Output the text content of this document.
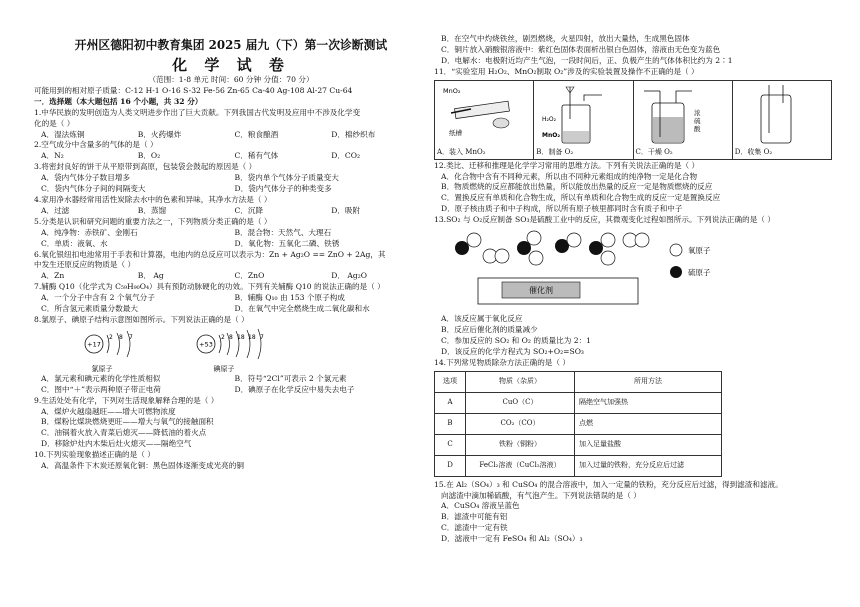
开州区德阳初中教育集团 2025 届九（下）第一次诊断测试
化 学 试 卷
（范围：1-8 单元 时间：60 分钟 分值：70 分）
可能用到的相对原子质量：C-12 H-1 O-16 S-32 Fe-56 Zn-65 Ca-40 Ag-108 Al-27 Cu-64
一．选择题（本大题包括 16 个小题，共 32 分）
1.中华民族的发明创造为人类文明进步作出了巨大贡献。下列我国古代发明及应用中不涉及化学变
化的是（ ）
A．湿法炼铜	B．火药爆炸	C．粮食酿酒	D．棉纱织布
2.空气成分中含量多的气体的是（ ）
A．N₂	B．O₂	C．稀有气体	D．CO₂
3.将密封良好的饼干从平原带到高原，包装袋会鼓起的原因是（ ）
A．袋内气体分子数目增多	B．袋内单个气体分子质量变大
C．袋内气体分子间的间隔变大	D．袋内气体分子的种类变多
4.家用净水器经常用活性炭除去水中的色素和异味，其净水方法是（ ）
A．过滤	B．蒸馏	C．沉降	D．吸附
5.分类是认识和研究问题的重要方法之一，下列物质分类正确的是（ ）
A．纯净物：赤铁矿、金刚石	B．混合物：天然气、大理石
C．单质：液氧、水	D．氧化物：五氧化二磷、铁锈
6.氧化银纽扣电池常用于手表和计算器，电池内的总反应可以表示为：Zn + Ag₂O == ZnO + 2Ag，其
中发生还原反应的物质是（ ）
A．Zn	B． Ag	C．ZnO	D． Ag₂O
7.辅酶 Q10（化学式为 C₅₉H₉₀O₄）具有预防动脉硬化的功效。下列有关辅酶 Q10 的说法正确的是（ ）
A．一个分子中含有 2 个氧气分子	B．辅酶 Q₁₀ 由 153 个原子构成
C．所含氢元素质量分数最大	D．在氧气中完全燃烧生成二氧化碳和水
8.氯原子、碘原子结构示意图如图所示。下列说法正确的是（ ）
+17
2 8 7
氯原子
+53
2 8 18 18 7
碘原子
A．氯元素和碘元素的化学性质相似	B．符号“2Cl”可表示 2 个氯元素
C．图中“＋”表示两种原子带正电荷	D．碘原子在化学反应中易失去电子
9.生活处处有化学，下列对生活现象解释合理的是（ ）
A．煤炉火越扇越旺——增大可燃物浓度
B．煤粉比煤块燃烧更旺——增大与氧气的接触面积
C．油锅着火放入青菜后熄灭——降低油的着火点
D．移除炉灶内木柴后灶火熄灭——隔绝空气
10.下列实验现象描述正确的是（ ）
A．高温条件下木炭还原氧化铜：黑色固体逐渐变成光亮的铜
B．在空气中灼烧铁丝，剧烈燃烧，火星四射，放出大量热，生成黑色固体
C．铜片放入硝酸银溶液中：紫红色固体表面析出银白色固体，溶液由无色变为蓝色
D．电解水：电极附近均产生气泡，一段时间后，正、负极产生的气体体积比约为 2∶1
11．“实验室用 H₂O₂、MnO₂制取 O₂”涉及的实验装置及操作不正确的是（ ）
MnO₂
纸槽
A．装入 MnO₂
H₂O₂
MnO₂
B．制备 O₂
浓
硫
酸
C．干燥 O₂	D．收集 O₂
12.类比、迁移和推理是化学学习常用的思维方法。下列有关说法正确的是（ ）
A．化合物中含有不同种元素，所以由不同种元素组成的纯净物一定是化合物
B．物质燃烧的反应都能放出热量，所以能放出热量的反应一定是物质燃烧的反应
C．置换反应有单质和化合物生成，所以有单质和化合物生成的反应一定是置换反应
D．原子核由质子和中子构成，所以所有原子核里都同时含有质子和中子
13.SO₂ 与 O₂反应制备 SO₃是硫酸工业中的反应，其微观变化过程如图所示。下列说法正确的是（ ）
催化剂
氧原子
硫原子
A．该反应属于氧化反应
B．反应后催化剂的质量减少
C．参加反应的 SO₂ 和 O₂ 的质量比为 2：1
D．该反应的化学方程式为 SO₂+O₂=SO₃
14.下列常见物质除杂方法正确的是（ ）
选项	物质（杂质）	所用方法
A	CuO（C）	隔绝空气加强热
B	CO₂（CO）	点燃
C	铁粉（铜粉）	加入足量盐酸
D	FeCl₂溶液（CuCl₂溶液）	加入过量的铁粉，充分反应后过滤
15.在 Al₂（SO₄）₃ 和 CuSO₄ 的混合溶液中，加入一定量的铁粉，充分反应后过滤，得到滤渣和滤液。
向滤渣中滴加稀硫酸，有气泡产生。下列说法错误的是（ ）
A．CuSO₄ 溶液呈蓝色
B．滤渣中可能有铝
C．滤渣中一定有铁
D．滤液中一定有 FeSO₄ 和 Al₂（SO₄）₃
